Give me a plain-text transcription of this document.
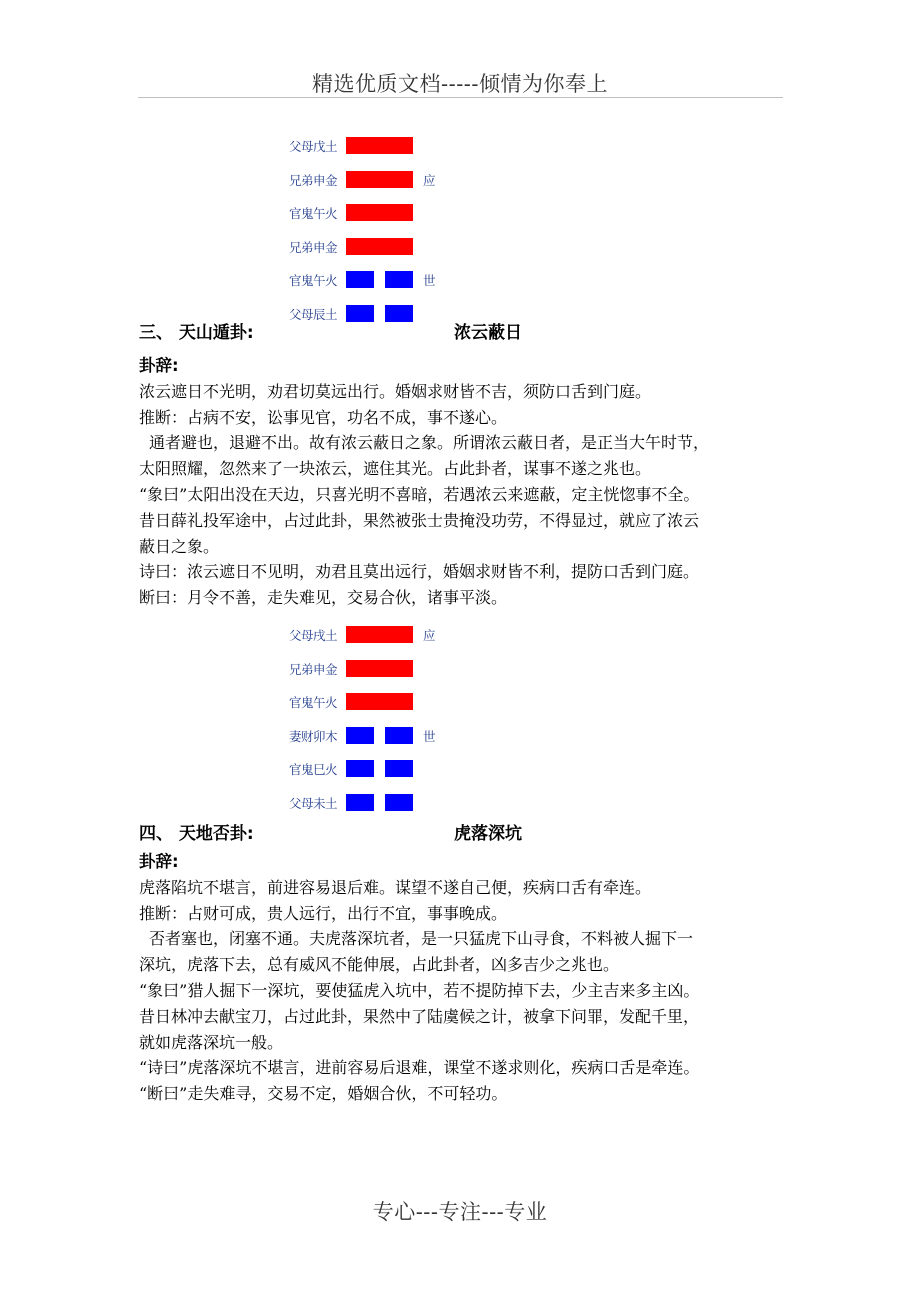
精选优质文档-----倾情为你奉上
父母戊土
兄弟申金	应
官鬼午火
兄弟申金
官鬼午火	世
父母辰土
三、 天山遁卦:	浓云蔽日

卦辞:

浓云遮日不光明，劝君切莫远出行。婚姻求财皆不吉，须防口舌到门庭。

推断：占病不安，讼事见官，功名不成，事不遂心。

通者避也，退避不出。故有浓云蔽日之象。所谓浓云蔽日者，是正当大午时节，

太阳照耀，忽然来了一块浓云，遮住其光。占此卦者，谋事不遂之兆也。

“象曰”太阳出没在天边，只喜光明不喜暗，若遇浓云来遮蔽，定主恍惚事不全。

昔日薛礼投军途中，占过此卦，果然被张士贵掩没功劳，不得显过，就应了浓云

蔽日之象。

诗曰：浓云遮日不见明，劝君且莫出远行，婚姻求财皆不利，提防口舌到门庭。

断曰：月令不善，走失难见，交易合伙，诸事平淡。

父母戌土	应
兄弟申金
官鬼午火
妻财卯木	世
官鬼巳火
父母未土
四、 天地否卦:	虎落深坑

卦辞:

虎落陷坑不堪言，前进容易退后难。谋望不遂自己便，疾病口舌有牵连。

推断：占财可成，贵人远行，出行不宜，事事晚成。

否者塞也，闭塞不通。夫虎落深坑者，是一只猛虎下山寻食，不料被人掘下一

深坑，虎落下去，总有威风不能伸展，占此卦者，凶多吉少之兆也。

“象曰”猎人掘下一深坑，要使猛虎入坑中，若不提防掉下去，少主吉来多主凶。

昔日林冲去献宝刀，占过此卦，果然中了陆虞候之计，被拿下问罪，发配千里，

就如虎落深坑一般。

“诗曰”虎落深坑不堪言，进前容易后退难，课堂不遂求则化，疾病口舌是牵连。

“断曰”走失难寻，交易不定，婚姻合伙，不可轻功。

专心---专注---专业
